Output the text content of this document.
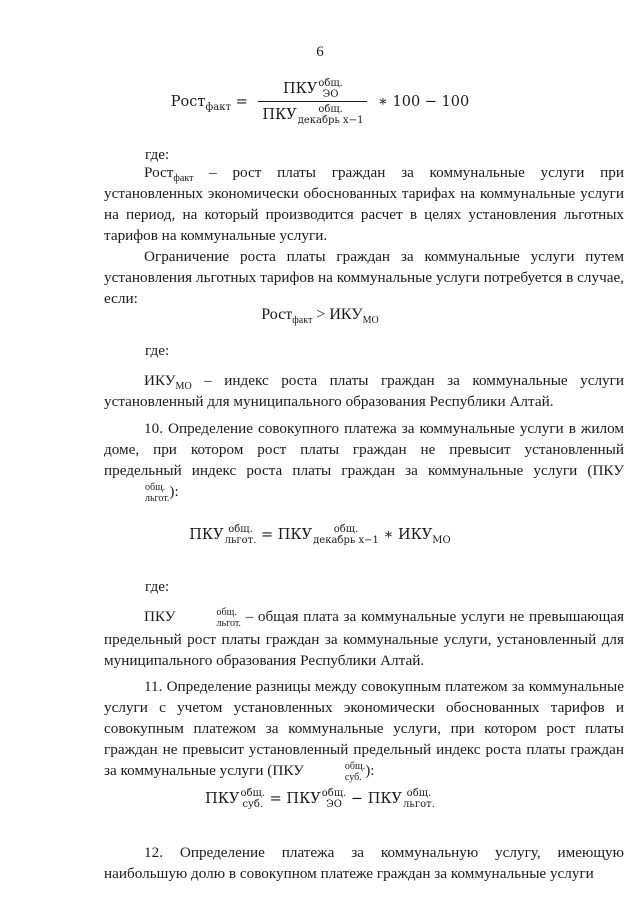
6
Рост$_{факт}$ = ПКУ общ.
ЭО
ПКУ	общ.
декабрь x−1 ∗ 100 − 100

где:

Рост$_{факт}$ – рост платы граждан за коммунальные услуги при установленных экономически обоснованных тарифах на коммунальные услуги на период, на который производится расчет в целях установления льготных тарифов на коммунальные услуги.

Ограничение роста платы граждан за коммунальные услуги путем установления льготных тарифов на коммунальные услуги потребуется в случае, если:

Рост$_{факт}$ > $ИКУ_{МО}$

где:

$ИКУ_{МО}$ – индекс роста платы граждан за коммунальные услуги установленный для муниципального образования Республики Алтай.

10. Определение совокупного платежа за коммунальные услуги в жилом доме, при котором рост платы граждан не превысит установленный предельный индекс роста платы граждан за коммунальные услуги (ПКУ
общ.
льгот. ):

ПКУ общ.
льгот. = ПКУ	общ.
декабрь x−1 ∗ $ИКУ_{МО}$

где:

ПКУ	общ.
льгот. – общая плата за коммунальные услуги не превышающая предельный рост платы граждан за коммунальные услуги, установленный для муниципального образования Республики Алтай.

11. Определение разницы между совокупным платежом за коммунальные услуги с учетом установленных экономически обоснованных тарифов и совокупным платежом за коммунальные услуги, при котором рост платы граждан не превысит установленный предельный индекс роста платы граждан за коммунальные услуги (ПКУ	общ.
суб. ):

ПКУ общ.
суб. = ПКУ общ.
ЭО − ПКУ общ.
льгот.

12. Определение платежа за коммунальную услугу, имеющую наибольшую долю в совокупном платеже граждан за коммунальные услуги
